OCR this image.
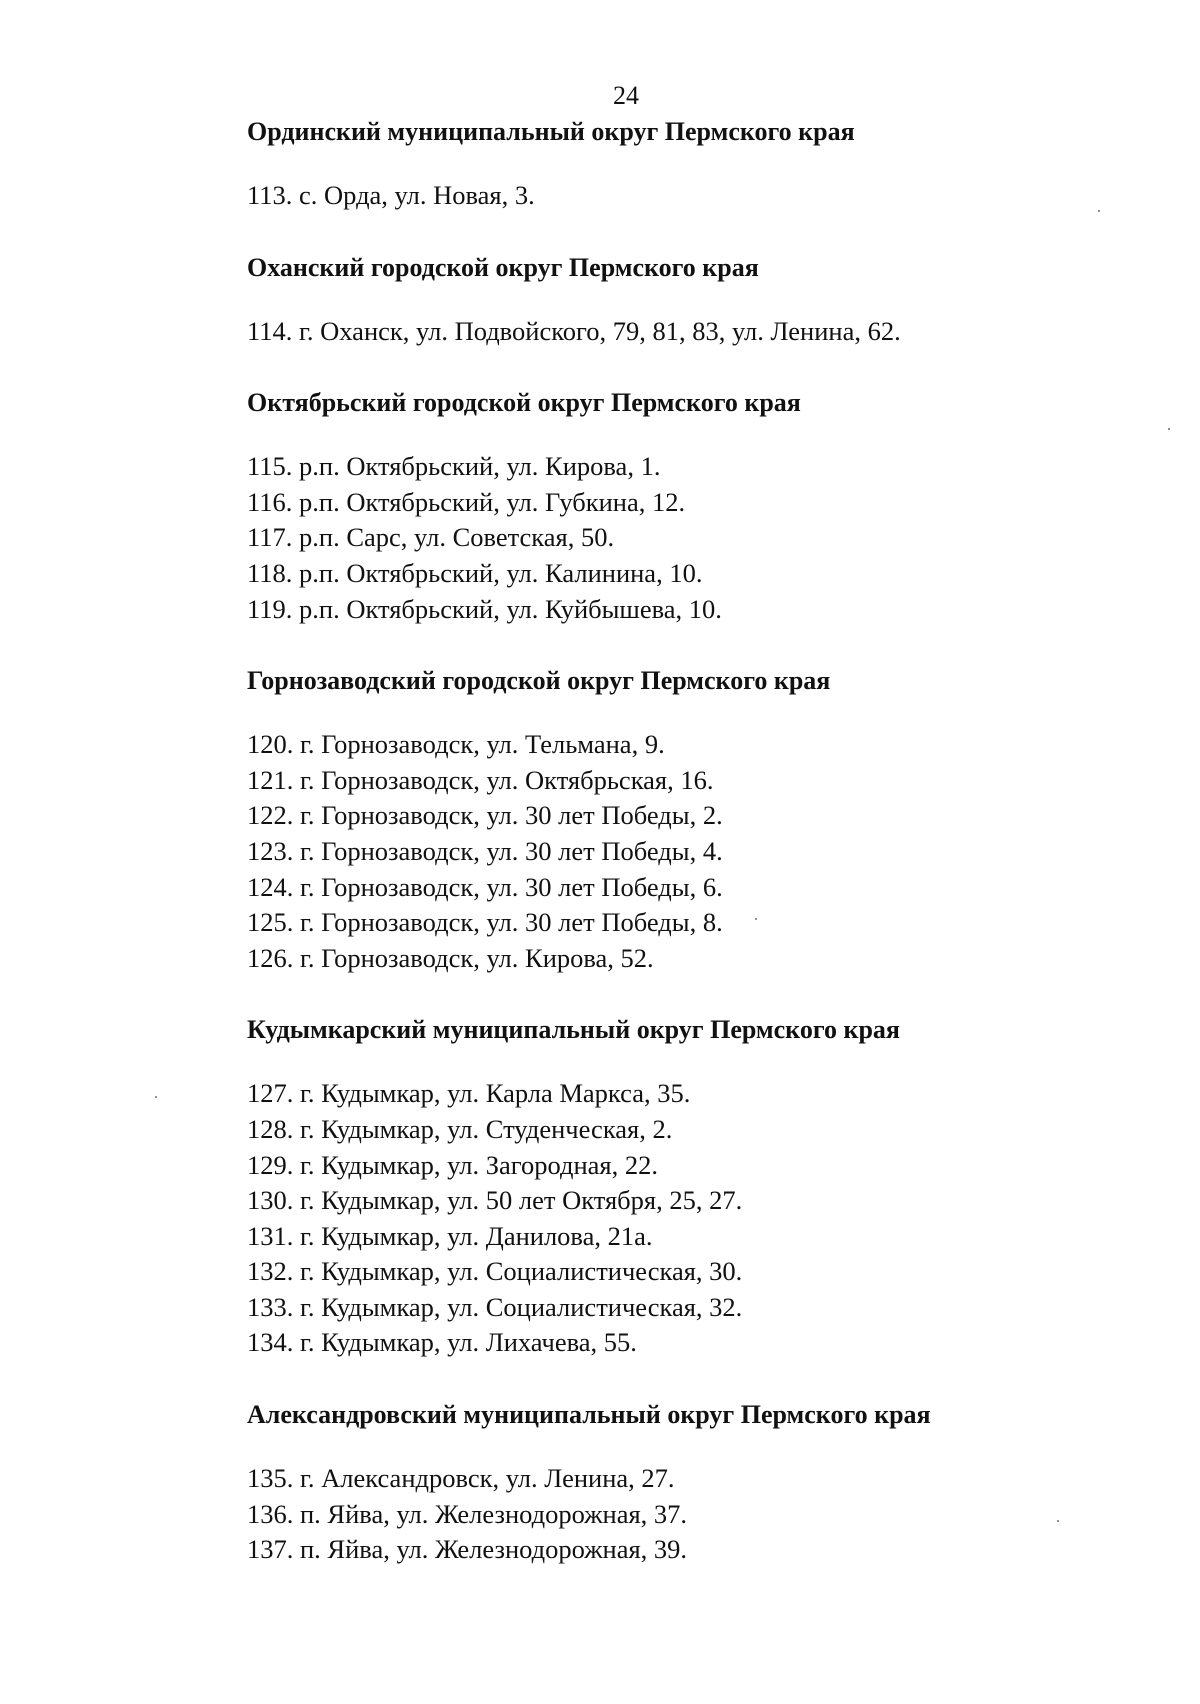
24
Ординский муниципальный округ Пермского края
113. с. Орда, ул. Новая, 3.
Оханский городской округ Пермского края
114. г. Оханск, ул. Подвойского, 79, 81, 83, ул. Ленина, 62.
Октябрьский городской округ Пермского края
115. р.п. Октябрьский, ул. Кирова, 1.
116. р.п. Октябрьский, ул. Губкина, 12.
117. р.п. Сарс, ул. Советская, 50.
118. р.п. Октябрьский, ул. Калинина, 10.
119. р.п. Октябрьский, ул. Куйбышева, 10.
Горнозаводский городской округ Пермского края
120. г. Горнозаводск, ул. Тельмана, 9.
121. г. Горнозаводск, ул. Октябрьская, 16.
122. г. Горнозаводск, ул. 30 лет Победы, 2.
123. г. Горнозаводск, ул. 30 лет Победы, 4.
124. г. Горнозаводск, ул. 30 лет Победы, 6.
125. г. Горнозаводск, ул. 30 лет Победы, 8.
126. г. Горнозаводск, ул. Кирова, 52.
Кудымкарский муниципальный округ Пермского края
127. г. Кудымкар, ул. Карла Маркса, 35.
128. г. Кудымкар, ул. Студенческая, 2.
129. г. Кудымкар, ул. Загородная, 22.
130. г. Кудымкар, ул. 50 лет Октября, 25, 27.
131. г. Кудымкар, ул. Данилова, 21а.
132. г. Кудымкар, ул. Социалистическая, 30.
133. г. Кудымкар, ул. Социалистическая, 32.
134. г. Кудымкар, ул. Лихачева, 55.
Александровский муниципальный округ Пермского края
135. г. Александровск, ул. Ленина, 27.
136. п. Яйва, ул. Железнодорожная, 37.
137. п. Яйва, ул. Железнодорожная, 39.
